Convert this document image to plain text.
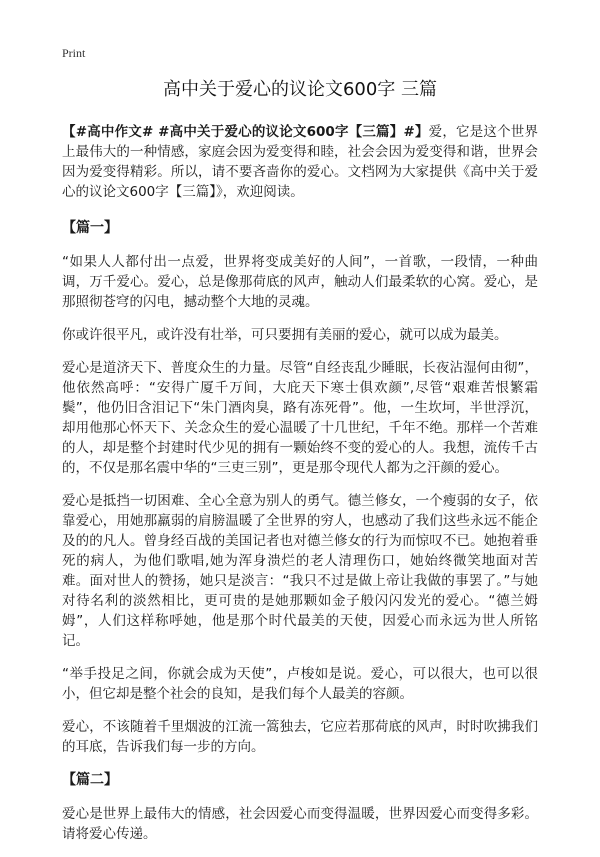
Print
高中关于爱心的议论文600字 三篇

【#高中作文# #高中关于爱心的议论文600字【三篇】#】爱，它是这个世界上最伟大的一种情感，家庭会因为爱变得和睦，社会会因为爱变得和谐，世界会因为爱变得精彩。所以，请不要吝啬你的爱心。文档网为大家提供《高中关于爱心的议论文600字【三篇】》，欢迎阅读。

【篇一】

“如果人人都付出一点爱，世界将变成美好的人间”，一首歌，一段情，一种曲调，万千爱心。爱心，总是像那荷底的风声，触动人们最柔软的心窝。爱心，是那照彻苍穹的闪电，撼动整个大地的灵魂。

你或许很平凡，或许没有壮举，可只要拥有美丽的爱心，就可以成为最美。

爱心是道济天下、普度众生的力量。尽管“自经丧乱少睡眠，长夜沾湿何由彻”，他依然高呼：“安得广厦千万间，大庇天下寒士俱欢颜”,尽管“艰难苦恨繁霜鬓”，他仍旧含泪记下“朱门酒肉臭，路有冻死骨”。他，一生坎坷，半世浮沉，却用他那心怀天下、关念众生的爱心温暖了十几世纪，千年不绝。那样一个苦难的人，却是整个封建时代少见的拥有一颗始终不变的爱心的人。我想，流传千古的，不仅是那名震中华的“三吏三别”，更是那令现代人都为之汗颜的爱心。

爱心是抵挡一切困难、全心全意为别人的勇气。德兰修女，一个瘦弱的女子，依靠爱心，用她那羸弱的肩膀温暖了全世界的穷人，也感动了我们这些永远不能企及的的凡人。曾身经百战的美国记者也对德兰修女的行为而惊叹不已。她抱着垂死的病人，为他们歌唱,她为浑身溃烂的老人清理伤口，她始终微笑地面对苦难。面对世人的赞扬，她只是淡言：“我只不过是做上帝让我做的事罢了。”与她对待名利的淡然相比，更可贵的是她那颗如金子般闪闪发光的爱心。“德兰姆姆”，人们这样称呼她，他是那个时代最美的天使，因爱心而永远为世人所铭记。

“举手投足之间，你就会成为天使”，卢梭如是说。爱心，可以很大，也可以很小，但它却是整个社会的良知，是我们每个人最美的容颜。

爱心，不该随着千里烟波的江流一篙独去，它应若那荷底的风声，时时吹拂我们的耳底，告诉我们每一步的方向。

【篇二】

爱心是世界上最伟大的情感，社会因爱心而变得温暖，世界因爱心而变得多彩。请将爱心传递。
